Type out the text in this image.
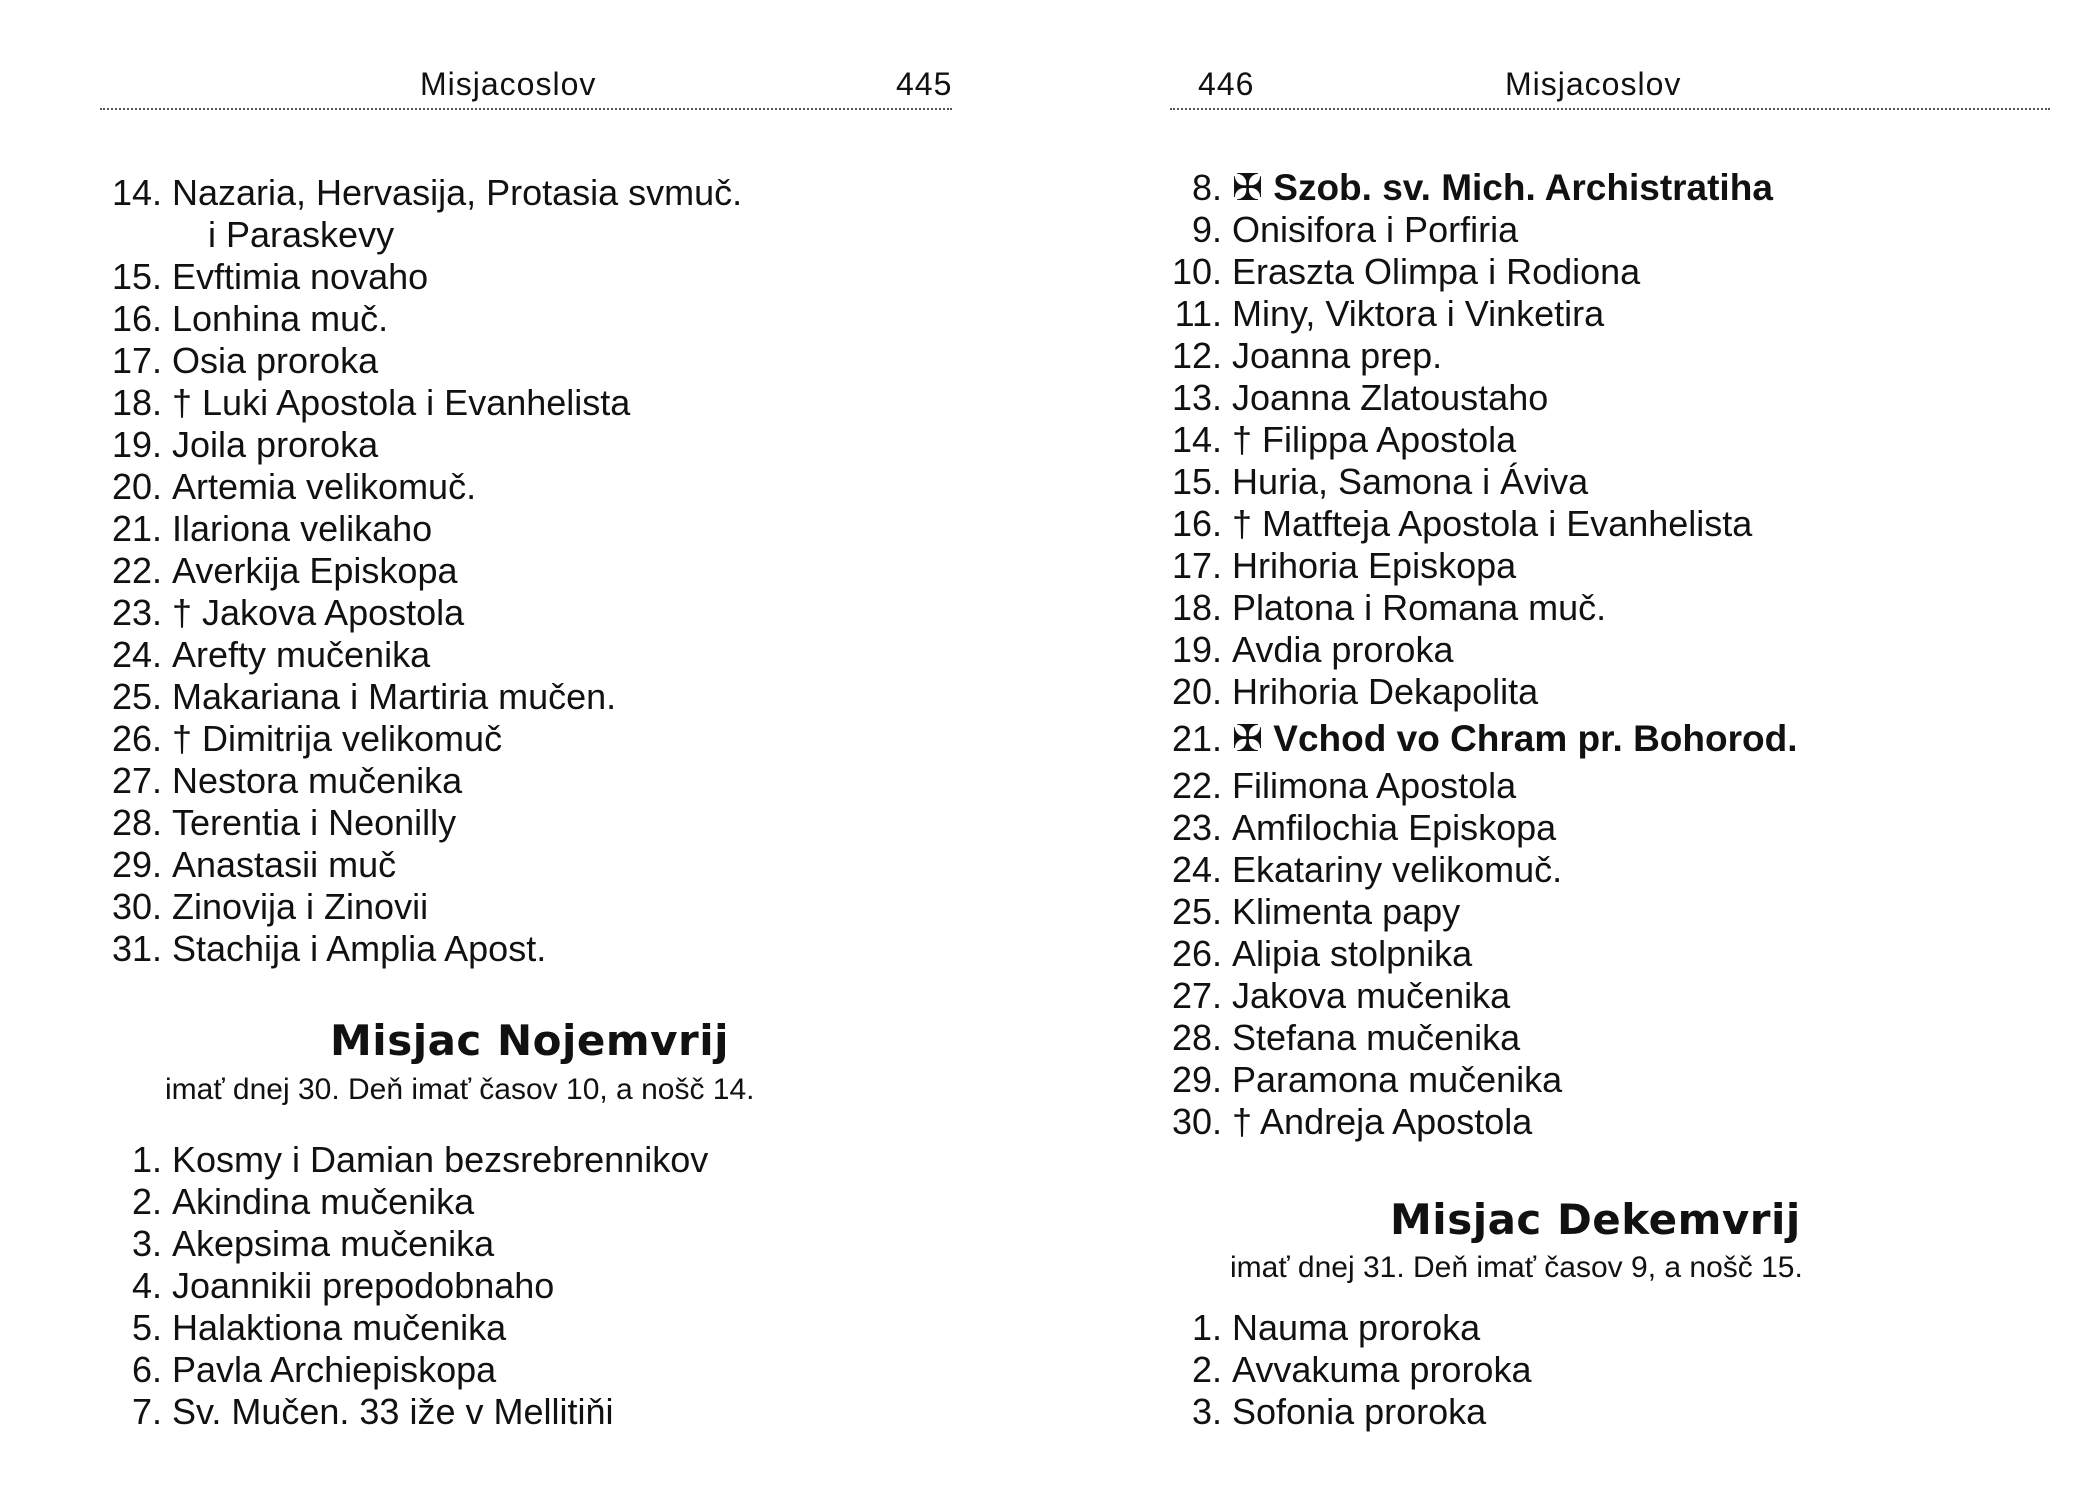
Misjacoslov	445
14. Nazaria, Hervasija, Protasia svmuč.
i Paraskevy
15. Evftimia novaho
16. Lonhina muč.
17. Osia proroka
18. † Luki Apostola i Evanhelista
19. Joila proroka
20. Artemia velikomuč.
21. Ilariona velikaho
22. Averkija Episkopa
23. † Jakova Apostola
24. Arefty mučenika
25. Makariana i Martiria mučen.
26. † Dimitrija velikomuč
27. Nestora mučenika
28. Terentia i Neonilly
29. Anastasii muč
30. Zinovija i Zinovii
31. Stachija i Amplia Apost.
Misjac Nojemvrij
imať dnej 30. Deň imať časov 10, a nošč 14.
1. Kosmy i Damian bezsrebrennikov
2. Akindina mučenika
3. Akepsima mučenika
4. Joannikii prepodobnaho
5. Halaktiona mučenika
6. Pavla Archiepiskopa
7. Sv. Mučen. 33 iže v Mellitiňi
446	Misjacoslov
8. ✠ Szob. sv. Mich. Archistratiha
9. Onisifora i Porfiria
10. Eraszta Olimpa i Rodiona
11. Miny, Viktora i Vinketira
12. Joanna prep.
13. Joanna Zlatoustaho
14. † Filippa Apostola
15. Huria, Samona i Áviva
16. † Matfteja Apostola i Evanhelista
17. Hrihoria Episkopa
18. Platona i Romana muč.
19. Avdia proroka
20. Hrihoria Dekapolita
21. ✠ Vchod vo Chram pr. Bohorod.
22. Filimona Apostola
23. Amfilochia Episkopa
24. Ekatariny velikomuč.
25. Klimenta papy
26. Alipia stolpnika
27. Jakova mučenika
28. Stefana mučenika
29. Paramona mučenika
30. † Andreja Apostola
Misjac Dekemvrij
imať dnej 31. Deň imať časov 9, a nošč 15.
1. Nauma proroka
2. Avvakuma proroka
3. Sofonia proroka
